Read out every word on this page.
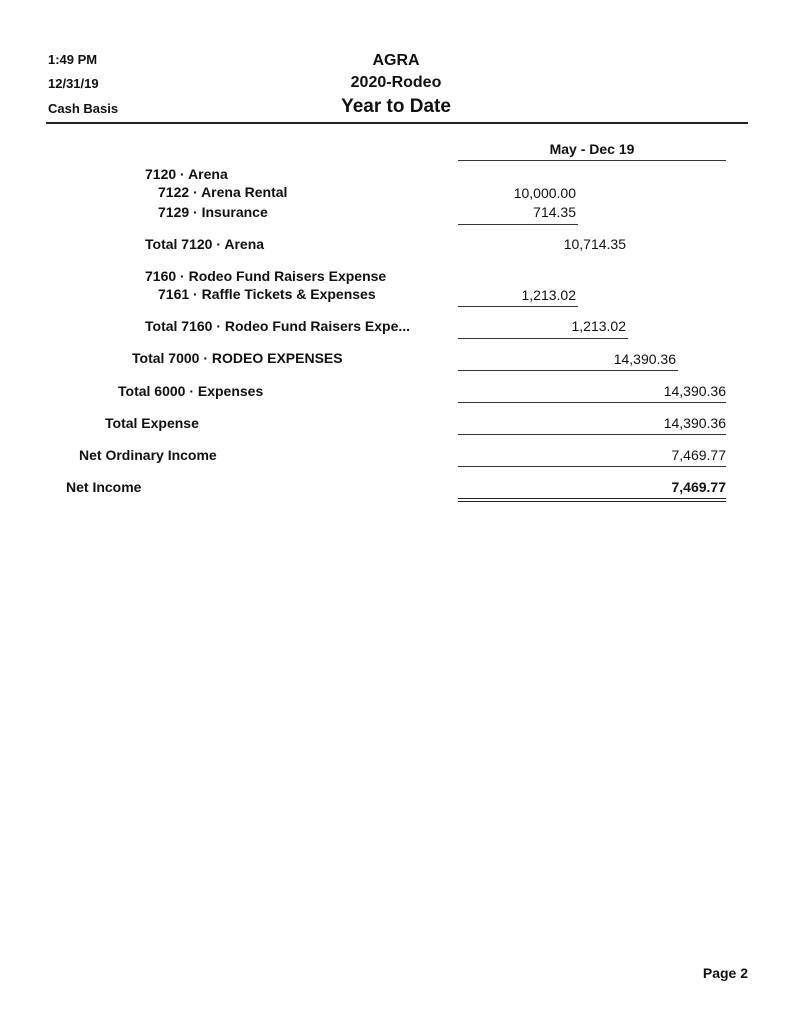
1:49 PM
12/31/19
Cash Basis
AGRA
2020-Rodeo
Year to Date
May - Dec 19
7120 · Arena
7122 · Arena Rental	10,000.00
7129 · Insurance	714.35
Total 7120 · Arena	10,714.35
7160 · Rodeo Fund Raisers Expense
7161 · Raffle Tickets & Expenses	1,213.02
Total 7160 · Rodeo Fund Raisers Expe...	1,213.02
Total 7000 · RODEO EXPENSES	14,390.36
Total 6000 · Expenses	14,390.36
Total Expense	14,390.36
Net Ordinary Income	7,469.77
Net Income	7,469.77
Page 2
